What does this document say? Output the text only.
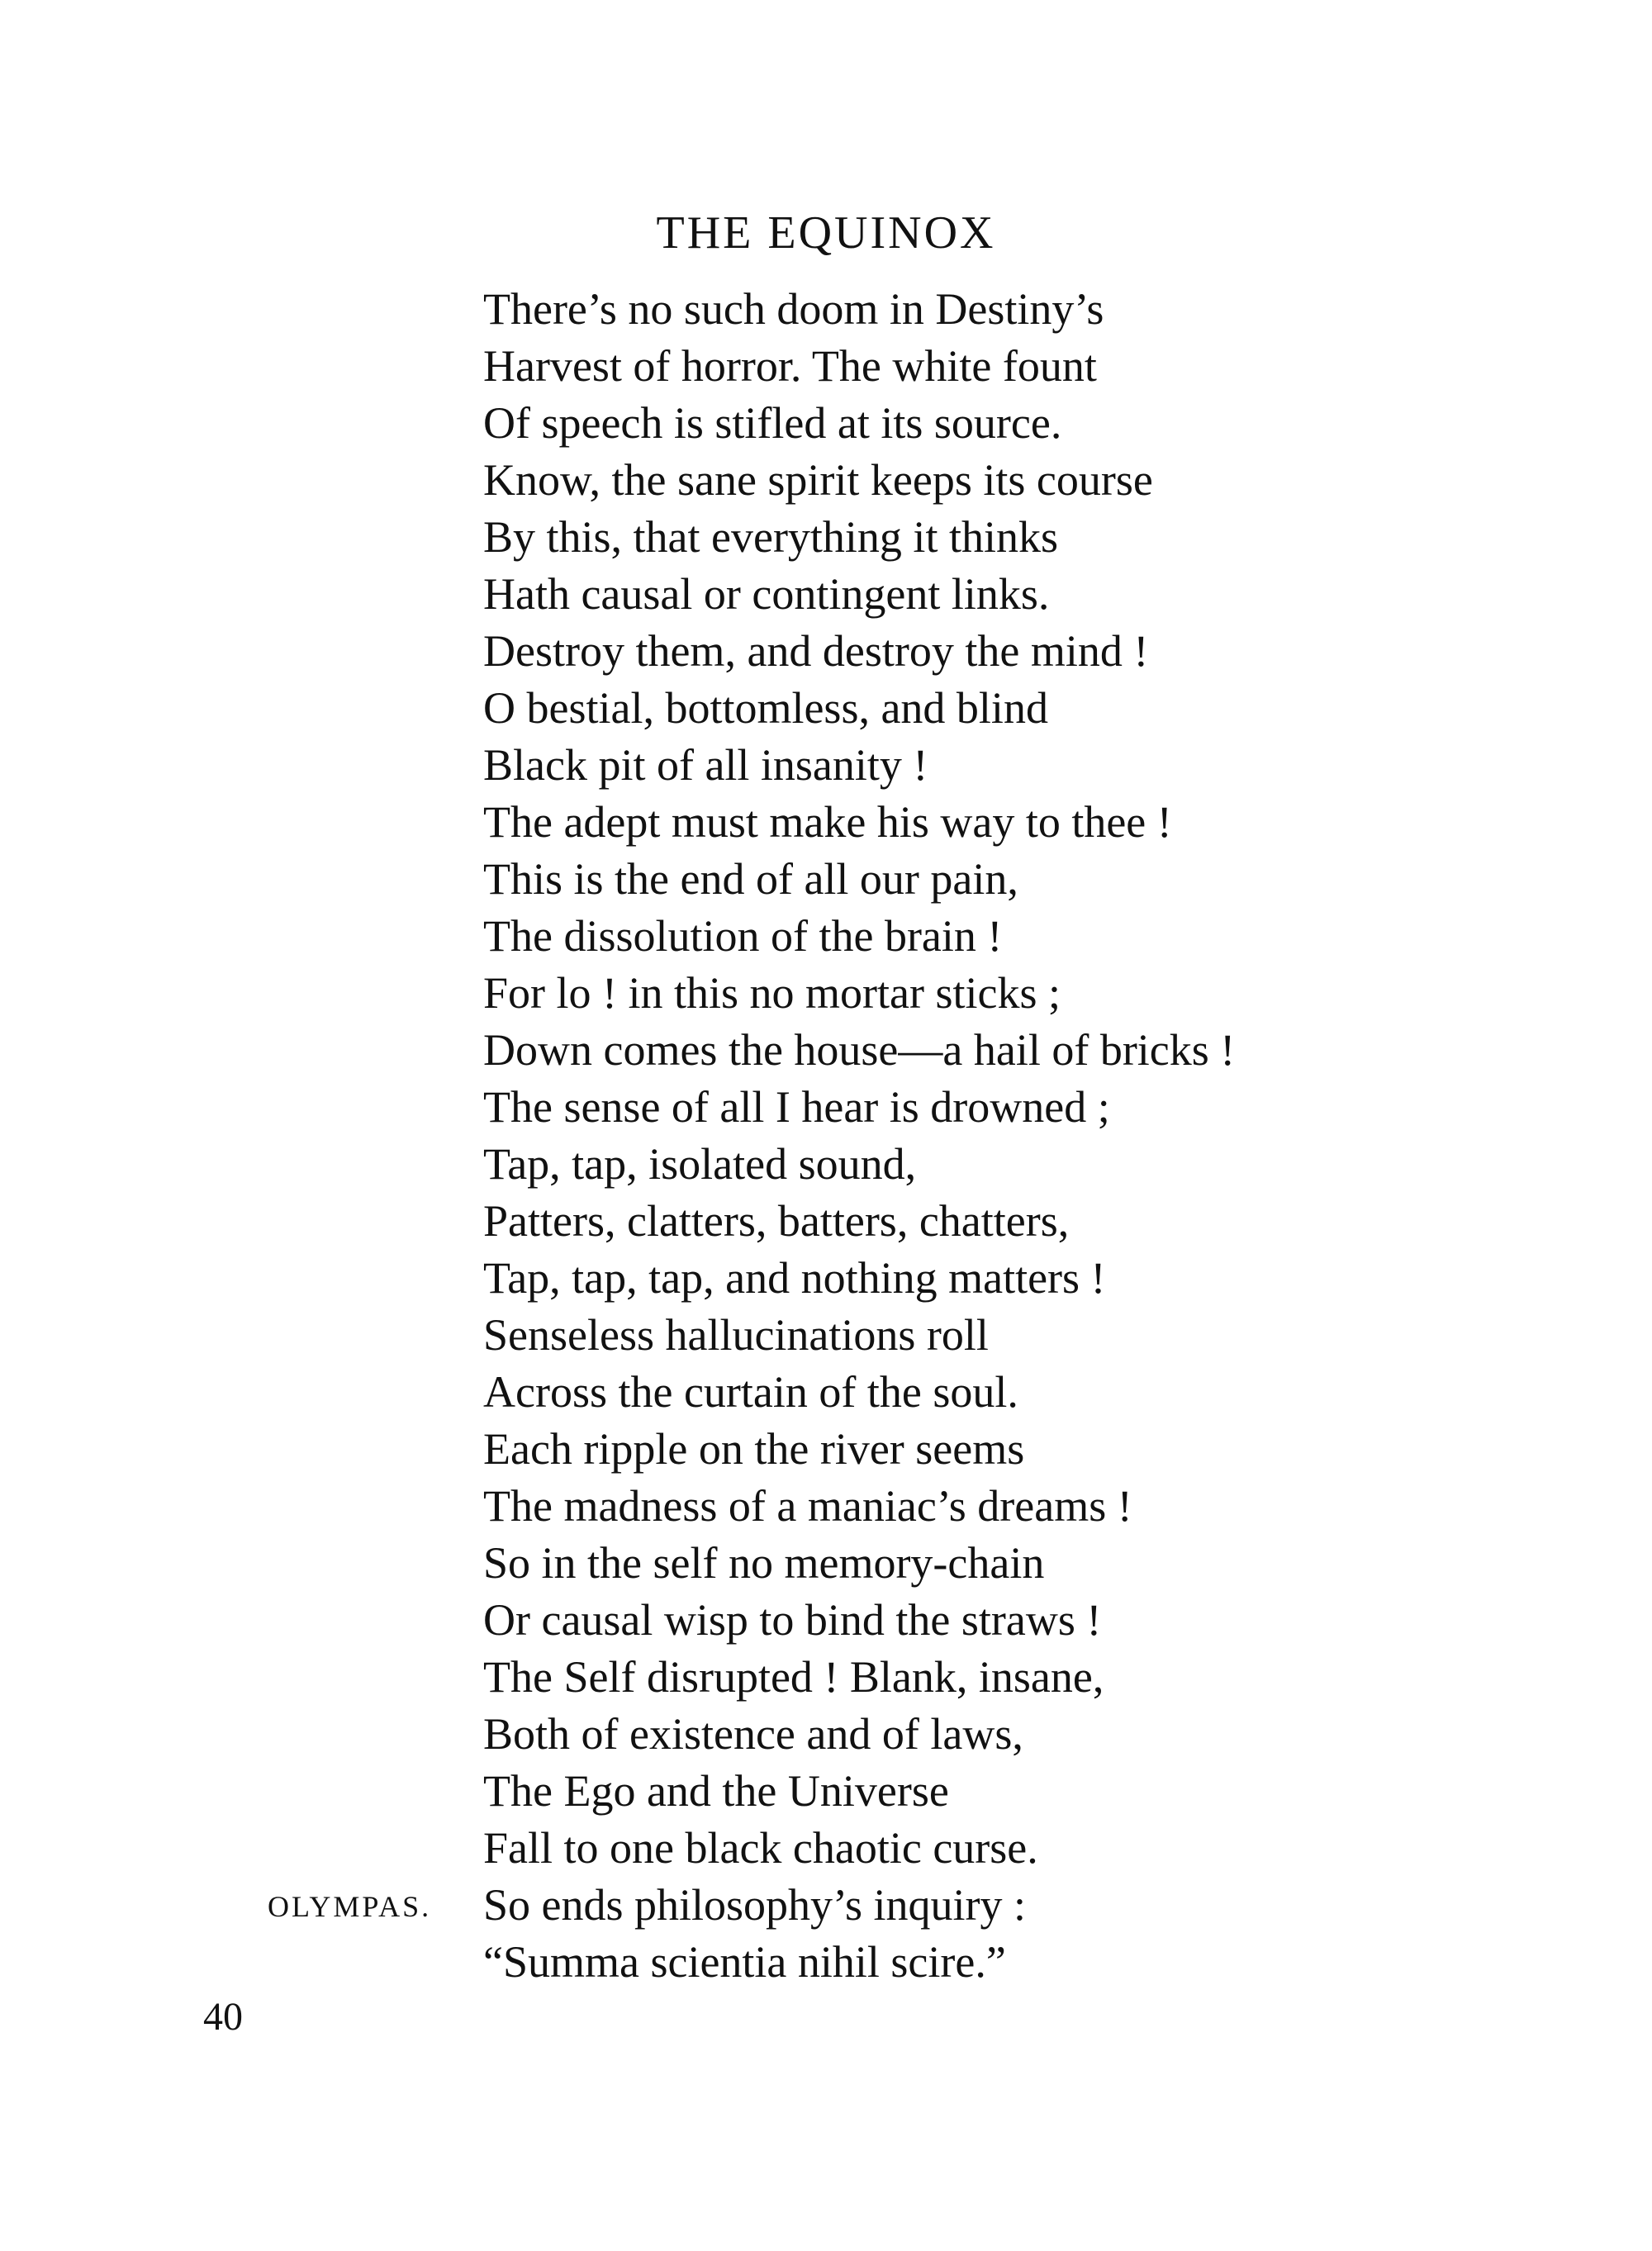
THE EQUINOX
There’s no such doom in Destiny’s
Harvest of horror. The white fount
Of speech is stifled at its source.
Know, the sane spirit keeps its course
By this, that everything it thinks
Hath causal or contingent links.
Destroy them, and destroy the mind !
O bestial, bottomless, and blind
Black pit of all insanity !
The adept must make his way to thee !
This is the end of all our pain,
The dissolution of the brain !
For lo ! in this no mortar sticks ;
Down comes the house—a hail of bricks !
The sense of all I hear is drowned ;
Tap, tap, isolated sound,
Patters, clatters, batters, chatters,
Tap, tap, tap, and nothing matters !
Senseless hallucinations roll
Across the curtain of the soul.
Each ripple on the river seems
The madness of a maniac’s dreams !
So in the self no memory-chain
Or causal wisp to bind the straws !
The Self disrupted ! Blank, insane,
Both of existence and of laws,
The Ego and the Universe
Fall to one black chaotic curse.
So ends philosophy’s inquiry :
“Summa scientia nihil scire.”
OLYMPAS.
40
